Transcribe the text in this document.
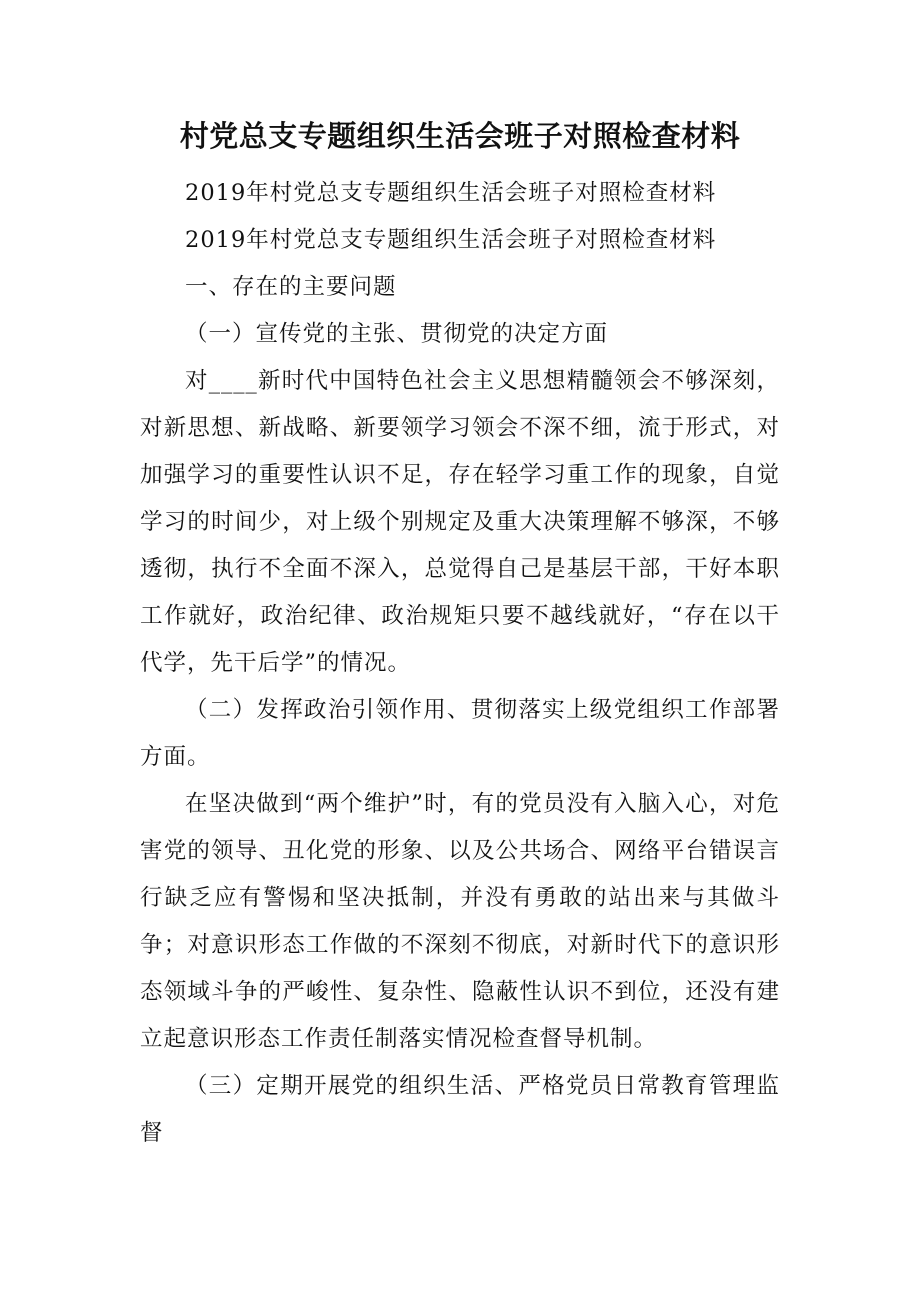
村党总支专题组织生活会班子对照检查材料

2019年村党总支专题组织生活会班子对照检查材料

2019年村党总支专题组织生活会班子对照检查材料

一、存在的主要问题

（一）宣传党的主张、贯彻党的决定方面

对____新时代中国特色社会主义思想精髓领会不够深刻，对新思想、新战略、新要领学习领会不深不细，流于形式，对加强学习的重要性认识不足，存在轻学习重工作的现象，自觉学习的时间少，对上级个别规定及重大决策理解不够深，不够透彻，执行不全面不深入，总觉得自己是基层干部，干好本职工作就好，政治纪律、政治规矩只要不越线就好，“存在以干代学，先干后学”的情况。

（二）发挥政治引领作用、贯彻落实上级党组织工作部署方面。

在坚决做到“两个维护”时，有的党员没有入脑入心，对危害党的领导、丑化党的形象、以及公共场合、网络平台错误言行缺乏应有警惕和坚决抵制，并没有勇敢的站出来与其做斗争；对意识形态工作做的不深刻不彻底，对新时代下的意识形态领域斗争的严峻性、复杂性、隐蔽性认识不到位，还没有建立起意识形态工作责任制落实情况检查督导机制。

（三）定期开展党的组织生活、严格党员日常教育管理监督
